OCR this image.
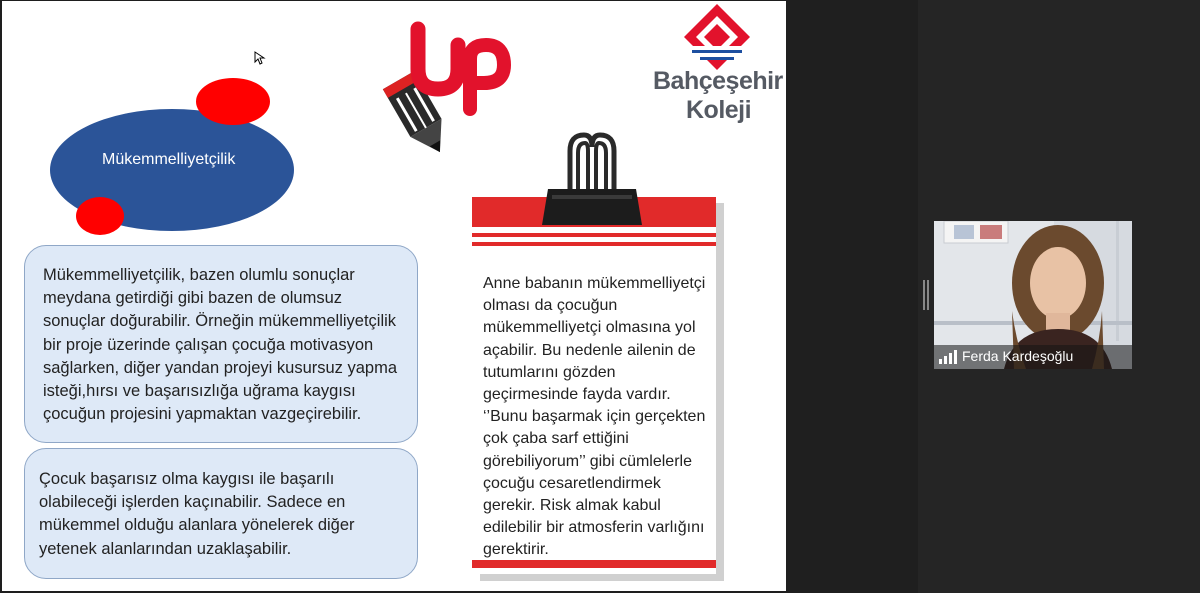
Bahçeşehir
Koleji
Mükemmelliyetçilik
Mükemmelliyetçilik, bazen olumlu sonuçlar meydana getirdiği gibi bazen de olumsuz sonuçlar doğurabilir. Örneğin mükemmelliyetçilik bir proje üzerinde çalışan çocuğa motivasyon sağlarken, diğer yandan projeyi kusursuz yapma isteği,hırsı ve başarısızlığa uğrama kaygısı çocuğun projesini yapmaktan vazgeçirebilir.
Çocuk başarısız olma kaygısı ile başarılı olabileceği işlerden kaçınabilir. Sadece en mükemmel olduğu alanlara yönelerek diğer yetenek alanlarından uzaklaşabilir.
Anne babanın mükemmelliyetçi olması da çocuğun mükemmelliyetçi olmasına yol açabilir. Bu nedenle ailenin de tutumlarını gözden geçirmesinde fayda vardır. ‘’Bunu başarmak için gerçekten çok çaba sarf ettiğini görebiliyorum’’ gibi cümlelerle çocuğu cesaretlendirmek gerekir. Risk almak kabul edilebilir bir atmosferin varlığını gerektirir.
Ferda Kardeşoğlu
